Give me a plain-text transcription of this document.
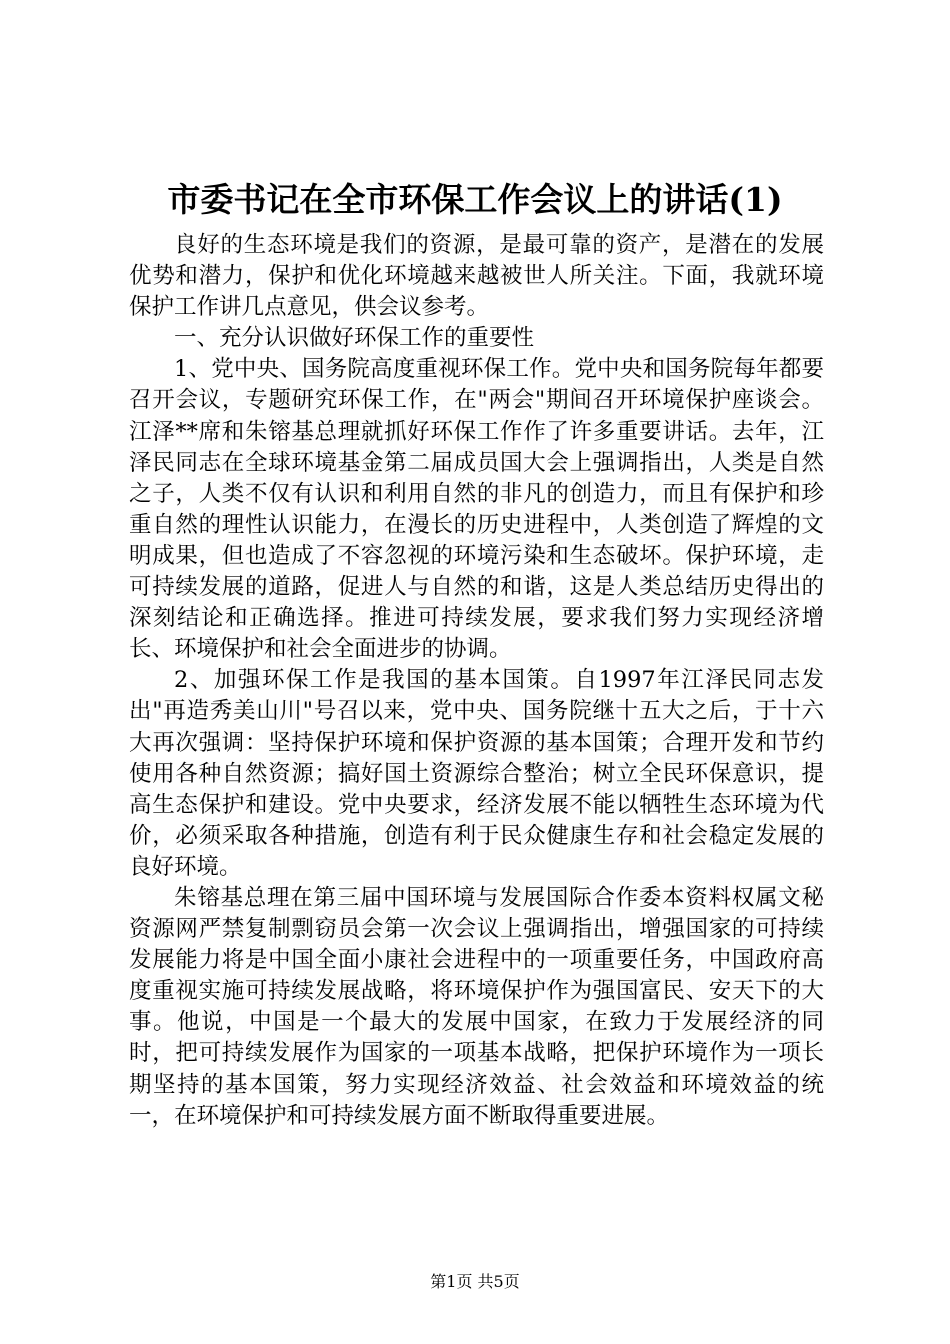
市委书记在全市环保工作会议上的讲话(1)

良好的生态环境是我们的资源，是最可靠的资产，是潜在的发展优势和潜力，保护和优化环境越来越被世人所关注。下面，我就环境保护工作讲几点意见，供会议参考。

一、充分认识做好环保工作的重要性

1、党中央、国务院高度重视环保工作。党中央和国务院每年都要召开会议，专题研究环保工作，在"两会"期间召开环境保护座谈会。江泽**席和朱镕基总理就抓好环保工作作了许多重要讲话。去年，江泽民同志在全球环境基金第二届成员国大会上强调指出，人类是自然之子，人类不仅有认识和利用自然的非凡的创造力，而且有保护和珍重自然的理性认识能力，在漫长的历史进程中，人类创造了辉煌的文明成果，但也造成了不容忽视的环境污染和生态破坏。保护环境，走可持续发展的道路，促进人与自然的和谐，这是人类总结历史得出的深刻结论和正确选择。推进可持续发展，要求我们努力实现经济增长、环境保护和社会全面进步的协调。

2、加强环保工作是我国的基本国策。自1997年江泽民同志发出"再造秀美山川"号召以来，党中央、国务院继十五大之后，于十六大再次强调：坚持保护环境和保护资源的基本国策；合理开发和节约使用各种自然资源；搞好国土资源综合整治；树立全民环保意识，提高生态保护和建设。党中央要求，经济发展不能以牺牲生态环境为代价，必须采取各种措施，创造有利于民众健康生存和社会稳定发展的良好环境。

朱镕基总理在第三届中国环境与发展国际合作委本资料权属文秘资源网严禁复制剽窃员会第一次会议上强调指出，增强国家的可持续发展能力将是中国全面小康社会进程中的一项重要任务，中国政府高度重视实施可持续发展战略，将环境保护作为强国富民、安天下的大事。他说，中国是一个最大的发展中国家，在致力于发展经济的同时，把可持续发展作为国家的一项基本战略，把保护环境作为一项长期坚持的基本国策，努力实现经济效益、社会效益和环境效益的统一，在环境保护和可持续发展方面不断取得重要进展。

第1页 共5页
